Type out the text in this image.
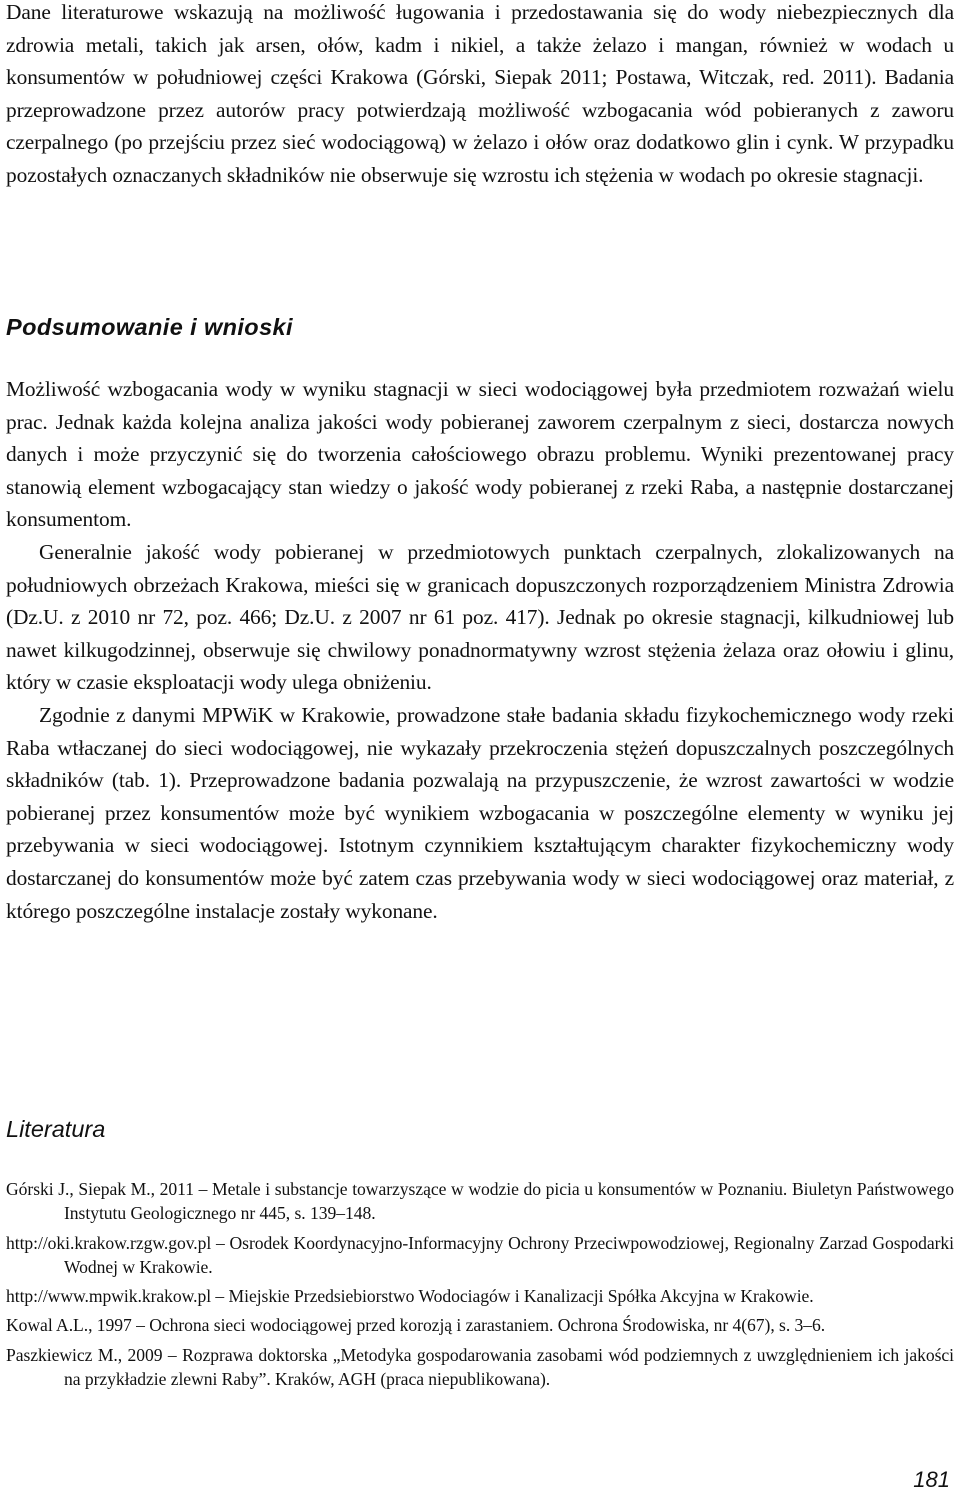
Dane literaturowe wskazują na możliwość ługowania i przedostawania się do wody niebezpiecznych dla zdrowia metali, takich jak arsen, ołów, kadm i nikiel, a także żelazo i mangan, również w wodach u konsumentów w południowej części Krakowa (Górski, Siepak 2011; Postawa, Witczak, red. 2011). Badania przeprowadzone przez autorów pracy potwierdzają możliwość wzbogacania wód pobieranych z zaworu czerpalnego (po przejściu przez sieć wodociągową) w żelazo i ołów oraz dodatkowo glin i cynk. W przypadku pozostałych oznaczanych składników nie obserwuje się wzrostu ich stężenia w wodach po okresie stagnacji.

Podsumowanie i wnioski

Możliwość wzbogacania wody w wyniku stagnacji w sieci wodociągowej była przedmiotem rozważań wielu prac. Jednak każda kolejna analiza jakości wody pobieranej zaworem czerpalnym z sieci, dostarcza nowych danych i może przyczynić się do tworzenia całościowego obrazu problemu. Wyniki prezentowanej pracy stanowią element wzbogacający stan wiedzy o jakość wody pobieranej z rzeki Raba, a następnie dostarczanej konsumentom.

Generalnie jakość wody pobieranej w przedmiotowych punktach czerpalnych, zlokalizowanych na południowych obrzeżach Krakowa, mieści się w granicach dopuszczonych rozporządzeniem Ministra Zdrowia (Dz.U. z 2010 nr 72, poz. 466; Dz.U. z 2007 nr 61 poz. 417). Jednak po okresie stagnacji, kilkudniowej lub nawet kilkugodzinnej, obserwuje się chwilowy ponadnormatywny wzrost stężenia żelaza oraz ołowiu i glinu, który w czasie eksploatacji wody ulega obniżeniu.

Zgodnie z danymi MPWiK w Krakowie, prowadzone stałe badania składu fizykochemicznego wody rzeki Raba wtłaczanej do sieci wodociągowej, nie wykazały przekroczenia stężeń dopuszczalnych poszczególnych składników (tab. 1). Przeprowadzone badania pozwalają na przypuszczenie, że wzrost zawartości w wodzie pobieranej przez konsumentów może być wynikiem wzbogacania w poszczególne elementy w wyniku jej przebywania w sieci wodociągowej. Istotnym czynnikiem kształtującym charakter fizykochemiczny wody dostarczanej do konsumentów może być zatem czas przebywania wody w sieci wodociągowej oraz materiał, z którego poszczególne instalacje zostały wykonane.

Literatura

Górski J., Siepak M., 2011 – Metale i substancje towarzyszące w wodzie do picia u konsumentów w Poznaniu. Biuletyn Państwowego Instytutu Geologicznego nr 445, s. 139–148.

http://oki.krakow.rzgw.gov.pl – Osrodek Koordynacyjno-Informacyjny Ochrony Przeciwpowodziowej, Regionalny Zarzad Gospodarki Wodnej w Krakowie.

http://www.mpwik.krakow.pl – Miejskie Przedsiebiorstwo Wodociagów i Kanalizacji Spółka Akcyjna w Krakowie.

Kowal A.L., 1997 – Ochrona sieci wodociągowej przed korozją i zarastaniem. Ochrona Środowiska, nr 4(67), s. 3–6.

Paszkiewicz M., 2009 – Rozprawa doktorska „Metodyka gospodarowania zasobami wód podziemnych z uwzględnieniem ich jakości na przykładzie zlewni Raby”. Kraków, AGH (praca niepublikowana).

181
